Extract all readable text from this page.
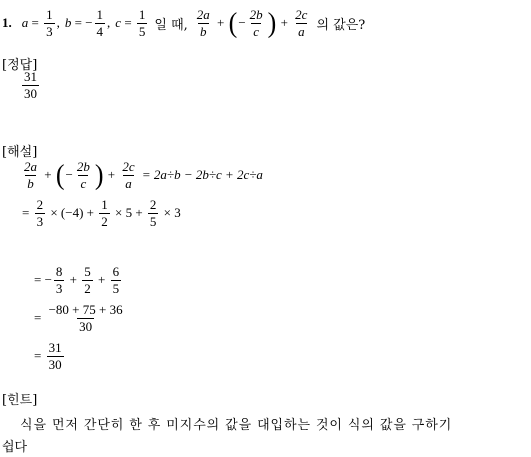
1. $a = \frac{1}{3}$ , b = − $\frac{1}{4}$ , $c = \frac{1}{5}$ 일 때, $\frac{2a}{b}$ + ( − $\frac{2b}{c}$ ) + $\frac{2c}{a}$ 의 값은?
[정답]
$\frac{31}{30}$
[해설]
$\frac{2a}{b}$ + ( − $\frac{2b}{c}$ ) + $\frac{2c}{a}$
= 2a÷b − 2b÷c + 2c÷a
= $\frac{2}{3}$
× (−4) +
$\frac{1}{2}$
× 5 +
$\frac{2}{5}$
× 3
= − $\frac{8}{3} + \frac{5}{2} + \frac{6}{5}$
= $\frac{-80 + 75 + 36}{30}$
= $\frac{31}{30}$
[힌트]
식을 먼저 간단히 한 후 미지수의 값을 대입하는 것이 식의 값을 구하기
쉽다
